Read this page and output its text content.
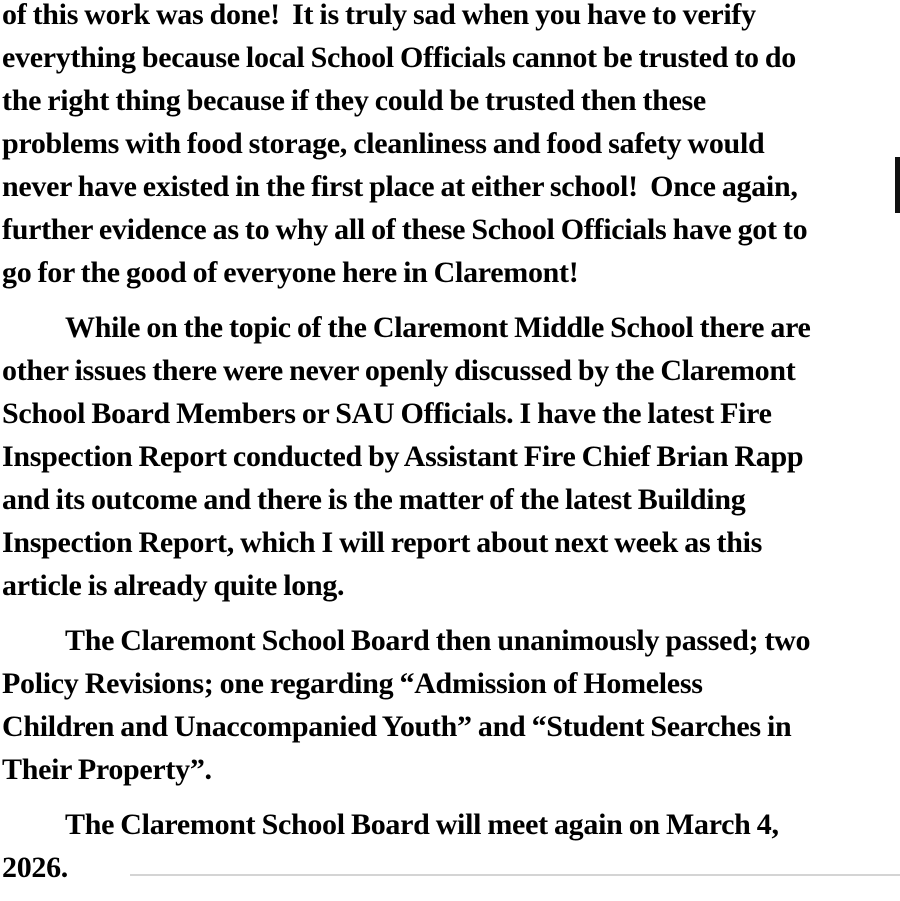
of this work was done!  It is truly sad when you have to verify
everything because local School Officials cannot be trusted to do
the right thing because if they could be trusted then these
problems with food storage, cleanliness and food safety would
never have existed in the first place at either school!  Once again,
further evidence as to why all of these School Officials have got to
go for the good of everyone here in Claremont!
While on the topic of the Claremont Middle School there are
other issues there were never openly discussed by the Claremont
School Board Members or SAU Officials. I have the latest Fire
Inspection Report conducted by Assistant Fire Chief Brian Rapp
and its outcome and there is the matter of the latest Building
Inspection Report, which I will report about next week as this
article is already quite long.
The Claremont School Board then unanimously passed; two
Policy Revisions; one regarding “Admission of Homeless
Children and Unaccompanied Youth” and “Student Searches in
Their Property”.
The Claremont School Board will meet again on March 4,
2026.
